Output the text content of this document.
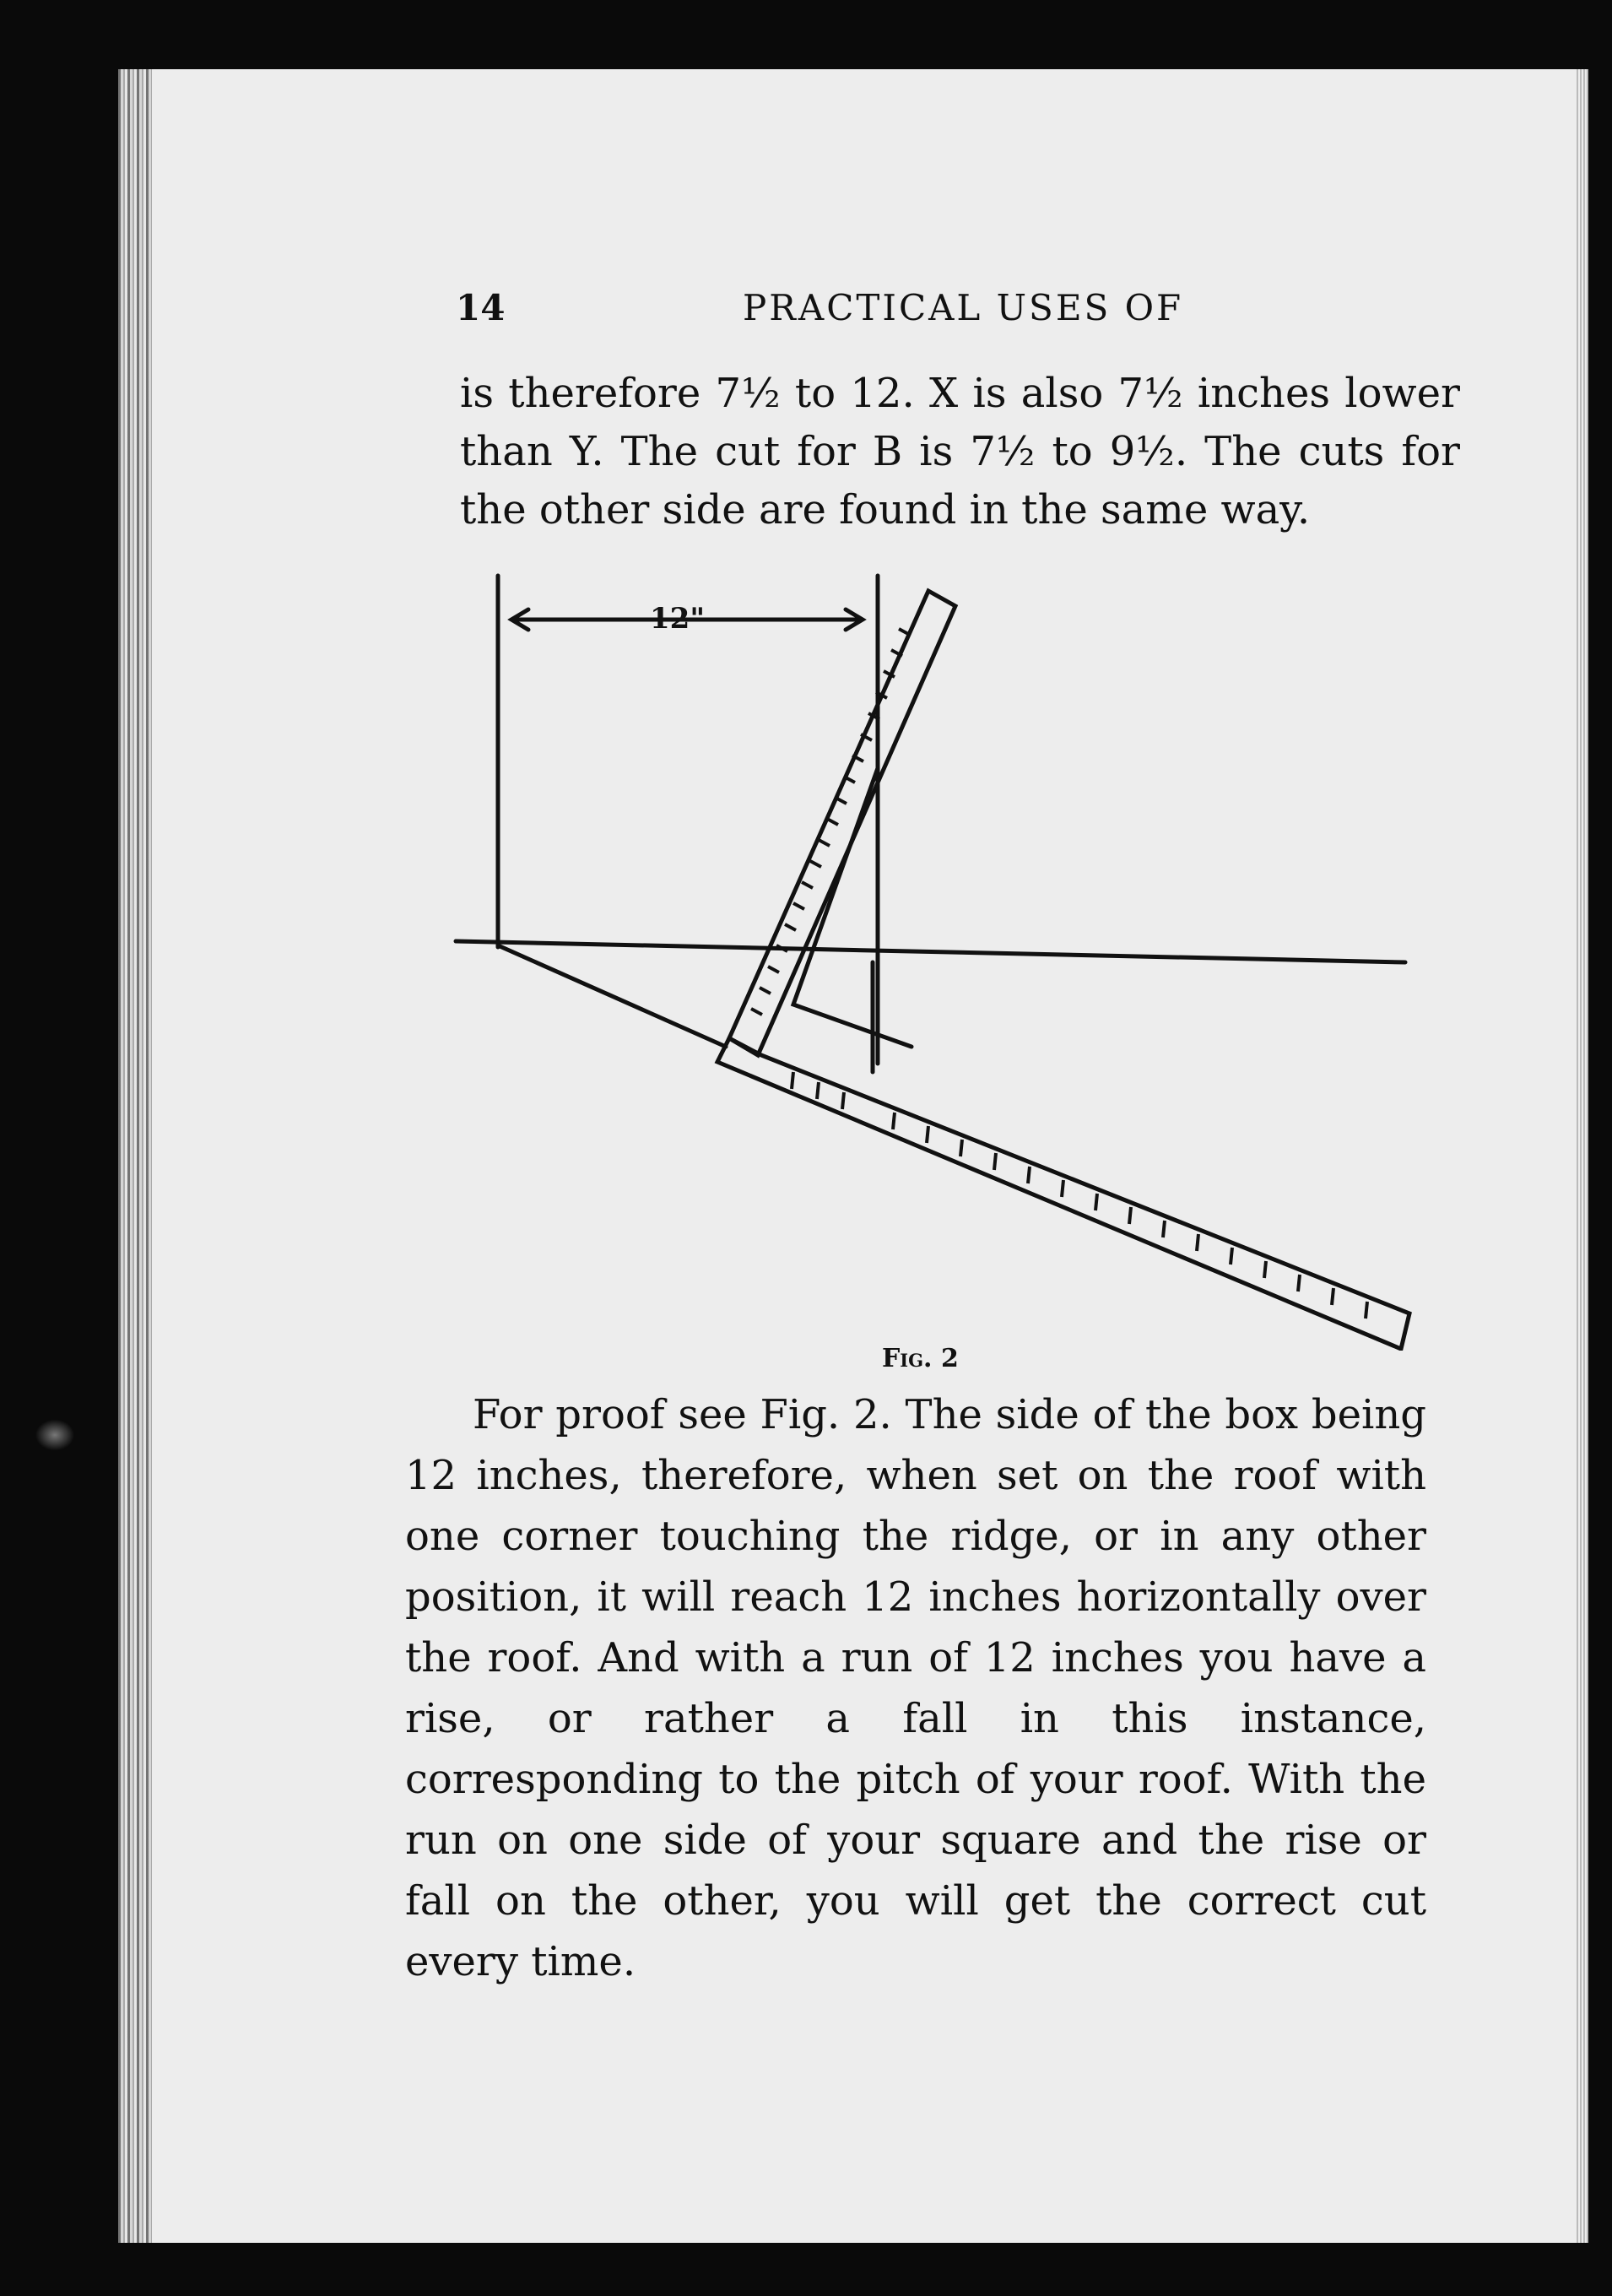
14	PRACTICAL USES OF

is therefore 7½ to 12. X is also 7½ inches lower than Y. The cut for B is 7½ to 9½. The cuts for the other side are found in the same way.

12"
Fig. 2

For proof see Fig. 2. The side of the box being 12 inches, therefore, when set on the roof with one corner touching the ridge, or in any other position, it will reach 12 inches horizontally over the roof. And with a run of 12 inches you have a rise, or rather a fall in this instance, corresponding to the pitch of your roof. With the run on one side of your square and the rise or fall on the other, you will get the correct cut every time.
